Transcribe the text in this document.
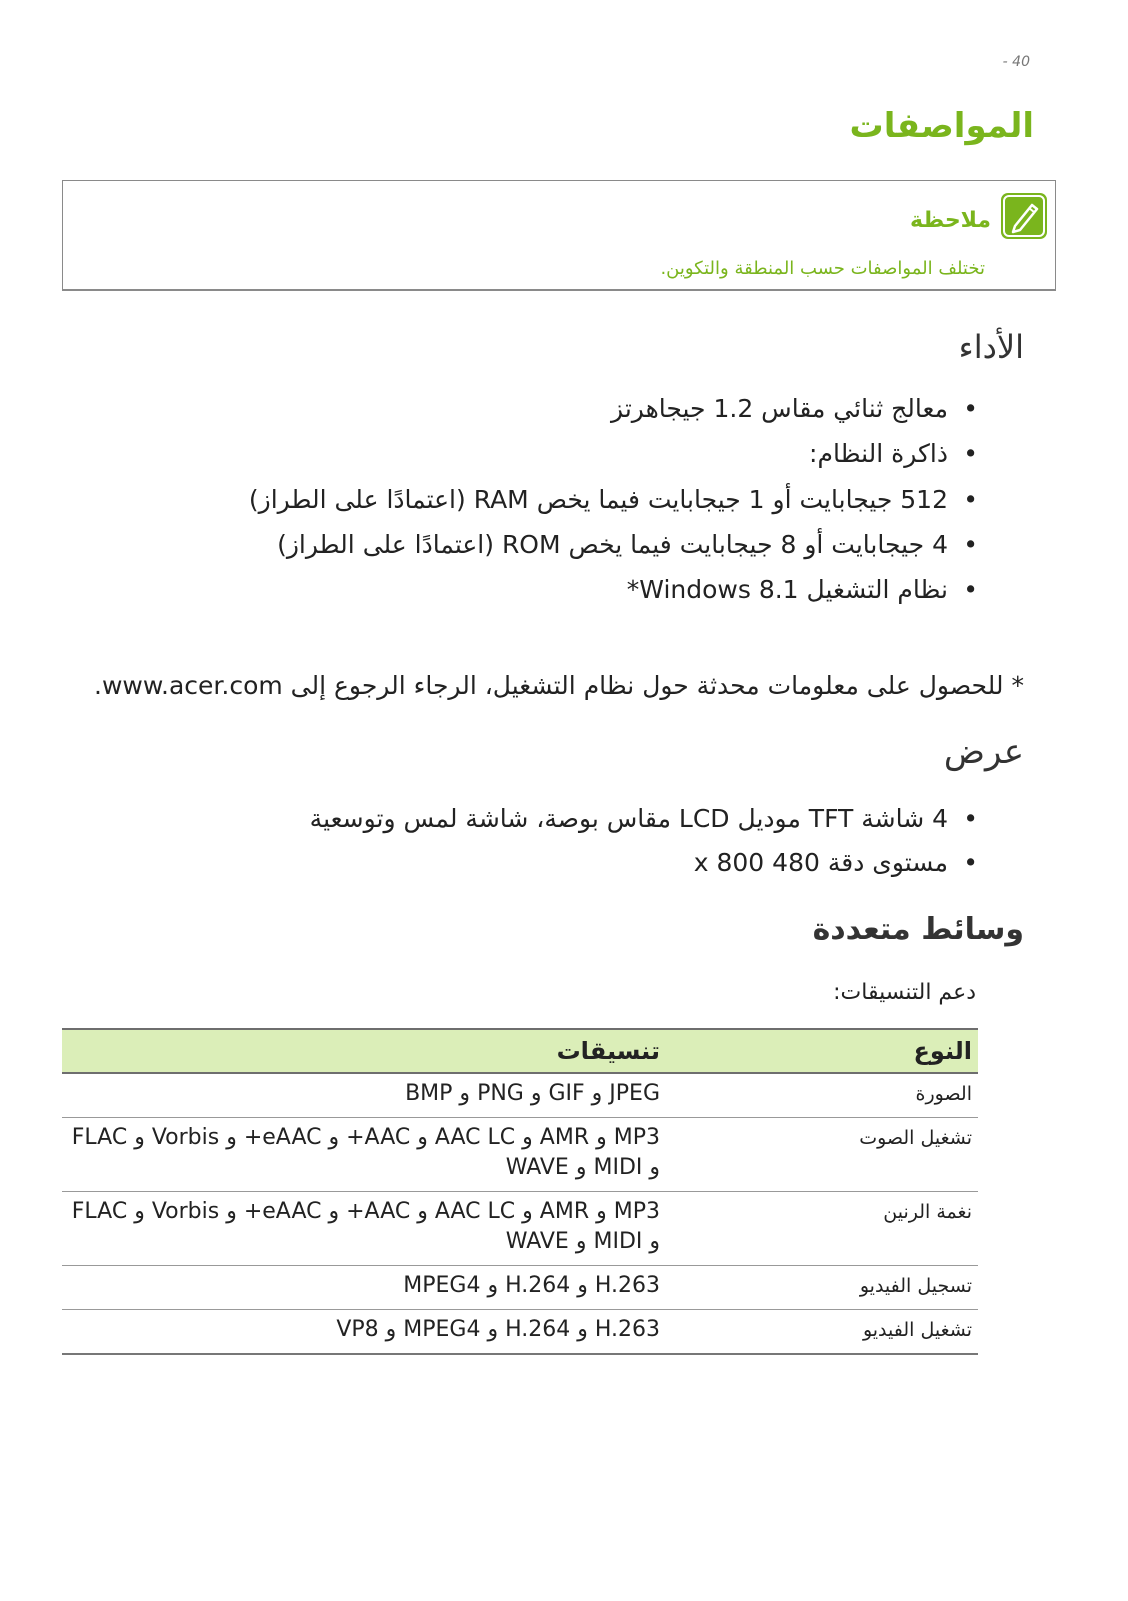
- 40
المواصفات
ملاحظة
تختلف المواصفات حسب المنطقة والتكوين.
الأداء
• معالج ثنائي مقاس 1.2 جيجاهرتز
• ذاكرة النظام:
• 512 جيجابايت أو 1 جيجابايت فيما يخص RAM (اعتمادًا على الطراز)
• 4 جيجابايت أو 8 جيجابايت فيما يخص ROM (اعتمادًا على الطراز)
• نظام التشغيل Windows 8.1*
* للحصول على معلومات محدثة حول نظام التشغيل، الرجاء الرجوع إلى www.acer.com.
عرض
• 4 شاشة TFT موديل LCD مقاس بوصة، شاشة لمس وتوسعية
• مستوى دقة 480 x 800
وسائط متعددة
دعم التنسيقات:
النوع	تنسيقات
الصورة	JPEG و GIF و PNG و BMP
تشغيل الصوت	MP3 و AMR و AAC LC و AAC+ و eAAC+ و Vorbis و FLAC و MIDI و WAVE
نغمة الرنين	MP3 و AMR و AAC LC و AAC+ و eAAC+ و Vorbis و FLAC و MIDI و WAVE
تسجيل الفيديو	H.263 و H.264 و MPEG4
تشغيل الفيديو	H.263 و H.264 و MPEG4 و VP8
